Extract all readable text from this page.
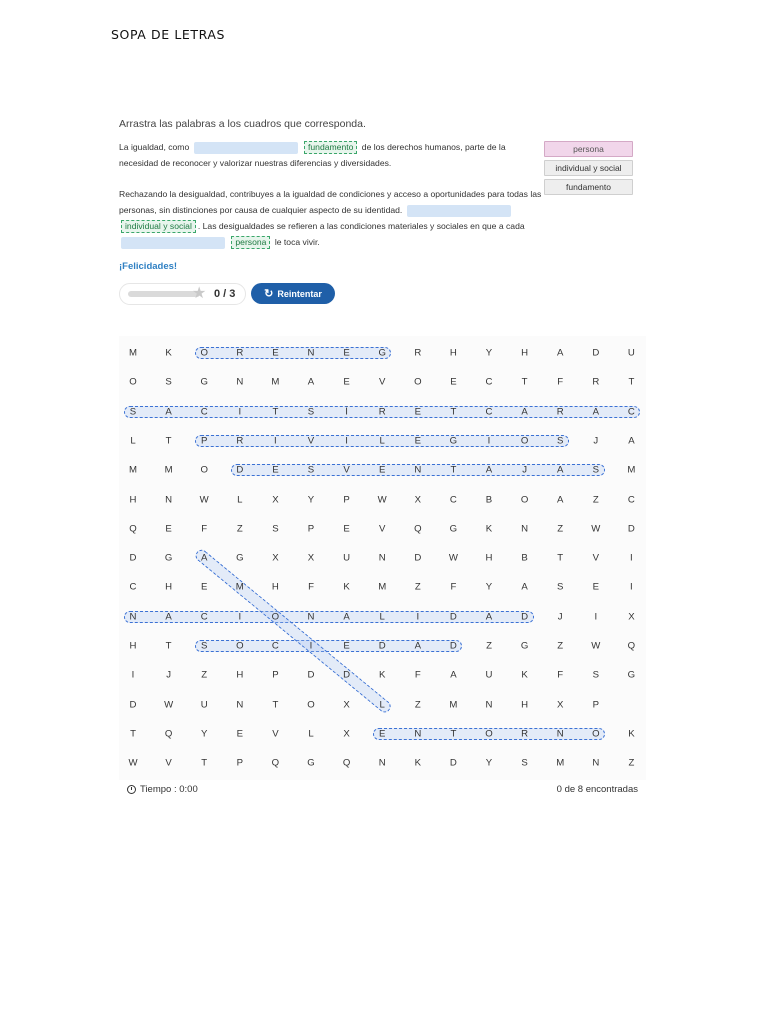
SOPA DE LETRAS
Arrastra las palabras a los cuadros que corresponda.
La igualdad, como	fundamento de los derechos humanos, parte de la necesidad de reconocer y valorizar nuestras diferencias y diversidades.
Rechazando la desigualdad, contribuyes a la igualdad de condiciones y acceso a oportunidades para todas las personas, sin distinciones por causa de cualquier aspecto de su identidad.  individual y social . Las desigualdades se refieren a las condiciones materiales y sociales en que a cada  persona le toca vivir.
persona
individual y social
fundamento
¡Felicidades!
★ 0 / 3	↻ Reintentar
M	K	O	R	E	N	E	G	R	H	Y	H	A	D	U
O	S	G	N	M	A	E	V	O	E	C	T	F	R	T
S	A	C	I	T	S	Í	R	E	T	C	A	R	A	C
L	T	P	R	I	V	I	L	E	G	I	O	S	J	A
M	M	O	D	E	S	V	E	N	T	A	J	A	S	M
H	N	W	L	X	Y	P	W	X	C	B	O	A	Z	C
Q	E	F	Z	S	P	E	V	Q	G	K	N	Z	W	D
D	G	A	G	X	X	U	N	D	W	H	B	T	V	I
C	H	E	M	H	F	K	M	Z	F	Y	A	S	E	I
N	A	C	I	O	N	A	L	I	D	A	D	J	I	X
H	T	S	O	C	I	E	D	A	D	Z	G	Z	W	Q
I	J	Z	H	P	D	D	K	F	A	U	K	F	S	G
D	W	U	N	T	O	X	L	Z	M	N	H	X	P
T	Q	Y	E	V	L	X	E	N	T	O	R	N	O	K
W	V	T	P	Q	G	Q	N	K	D	Y	S	M	N	Z
Tiempo : 0:00	0 de 8 encontradas
